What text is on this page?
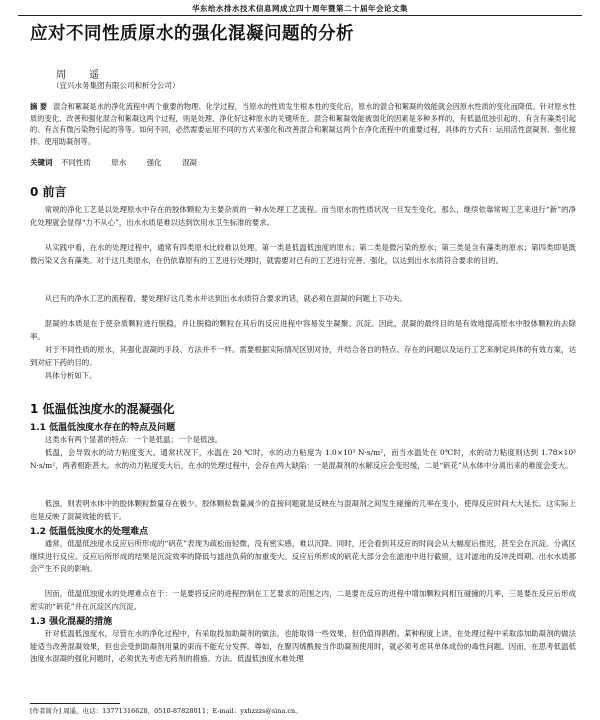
华东给水排水技术信息网成立四十周年暨第二十届年会论文集
应对不同性质原水的强化混凝问题的分析
周 遥
（宜兴水务集团有限公司和析分公司）
摘 要 混合和絮凝是水的净化流程中两个重要的物理、化学过程，当原水的性质发生根本性的变化后，原水的混合和絮凝的效能就会因原水性质的变化而降低。针对原水性质的变化，改善和强化混合和絮凝这两个过程，则是处理、净化好这种原水的关键所在。混合和絮凝效能被弱化的因素是多种多样的，有低温低浊引起的、有含有藻类引起的、有含有微污染物引起的等等。如何不同，必然需要运用不同的方式来强化和改善混合和絮凝这两个在净化流程中的重要过程，具体的方式有：运用活性混凝剂、强化搅拌、使用助凝剂等。
关键词 不同性质	原水	强化	混凝
0 前言
常规的净化工艺是以处理原水中存在的胶体颗粒为主要杂质的一种水处理工艺流程。而当原水的性质状况一旦发生变化，那么，继续依靠常规工艺来进行“新”的净化处理就会显得“力不从心”，出水水质是难以达到饮用水卫生标准的要求。
从实践中看，在水的处理过程中，通常有四类原水比较难以处理。第一类是低温低浊度的原水；第二类是微污染的原水；第三类是含有藻类的原水；第四类即是既微污染又含有藻类。对于这几类原水，在仍依靠原有的工艺进行处理时，就需要对已有的工艺进行完善、强化，以达到出水水质符合要求的目的。
从已有的净水工艺的流程看，要处理好这几类水并达到出水水质符合要求的话，就必须在混凝的问题上下功夫。
混凝的本质是在于使杂质颗粒进行脱稳，并让脱稳的颗粒在其后的反应进程中容易发生凝聚、沉淀。因此，混凝的最终目的是有效地提高原水中胶体颗粒的去除率。
对于不同性质的原水，其强化混凝的手段、方法并不一样。需要根据实际情况区别对待，并结合各自的特点、存在的问题以及运行工艺来制定具体的有效方案，达到对症下药的目的。
具体分析如下。
1 低温低浊度水的混凝强化
1.1 低温低浊度水存在的特点及问题
这类水有两个显著的特点：一个是低温；一个是低浊。
低温，会导致水的动力粘度变大。通常状况下，水温在 20 ℃时，水的动力粘度为 1.0×10³ N·s/m²，而当水温处在 0℃时，水的动力粘度则达到 1.78×10³ N·s/m²，两者相距甚大。水的动力粘度变大后，在水的处理过程中，会存在两大缺陷：一是混凝剂的水解反应会变迟缓，二是“矾花”从水体中分离出来的难度会变大。
低浊，则表明水体中的胶体颗粒数量存在极少。胶体颗粒数量减少的直接问题就是反映在与混凝剂之间发生碰撞的几率在变小，使得反应时间大大延长。这实际上也是反映了混凝效能的低下。
1.2 低温低浊度水的处理难点
通常，低温低浊度水反应后所形成的“矾花”表现为疏松而轻微，没有密实感，难以沉降。同时，还会看到其反应的时间会从大幅度后推迟，甚至会在沉淀、分离区继续进行反应。反应后所形成的结果是沉淀效率的降低与滤池负荷的加重变大。反应后所形成的矾花大部分会在滤池中进行截留，这对滤池的反冲洗周期、出水水质都会产生不良的影响。
因而，低温低浊度水的处理难点在于：一是要将反应的进程控制在工艺要求的范围之内，二是要在反应的进程中增加颗粒间相互碰撞的几率，三是要在反应后形成密实的“矾花”并在沉淀区内沉淀。
1.3 强化混凝的措施
针对低温低浊度水，尽管在水的净化过程中，有采取投加助凝剂的做法，也能取得一些效果，但仍值得斟酌。某种程度上讲，在处理过程中采取添加助凝剂的做法能适当改善混凝效果，但也会受到助凝剂用量的束而不能充分发挥。尊如，在聚丙烯酰胺当作助凝剂使用时，就必须考虑其单体成份的毒性问题。因而，在思考低温低浊度水混凝的强化问题时，必须优先考虑无药剂的措施、方法。低温低浊度水难处理
[作者简介] 周遥，电话：13771316628，0510-87828011；E-mail：yxhzzzs@sina.cn。
